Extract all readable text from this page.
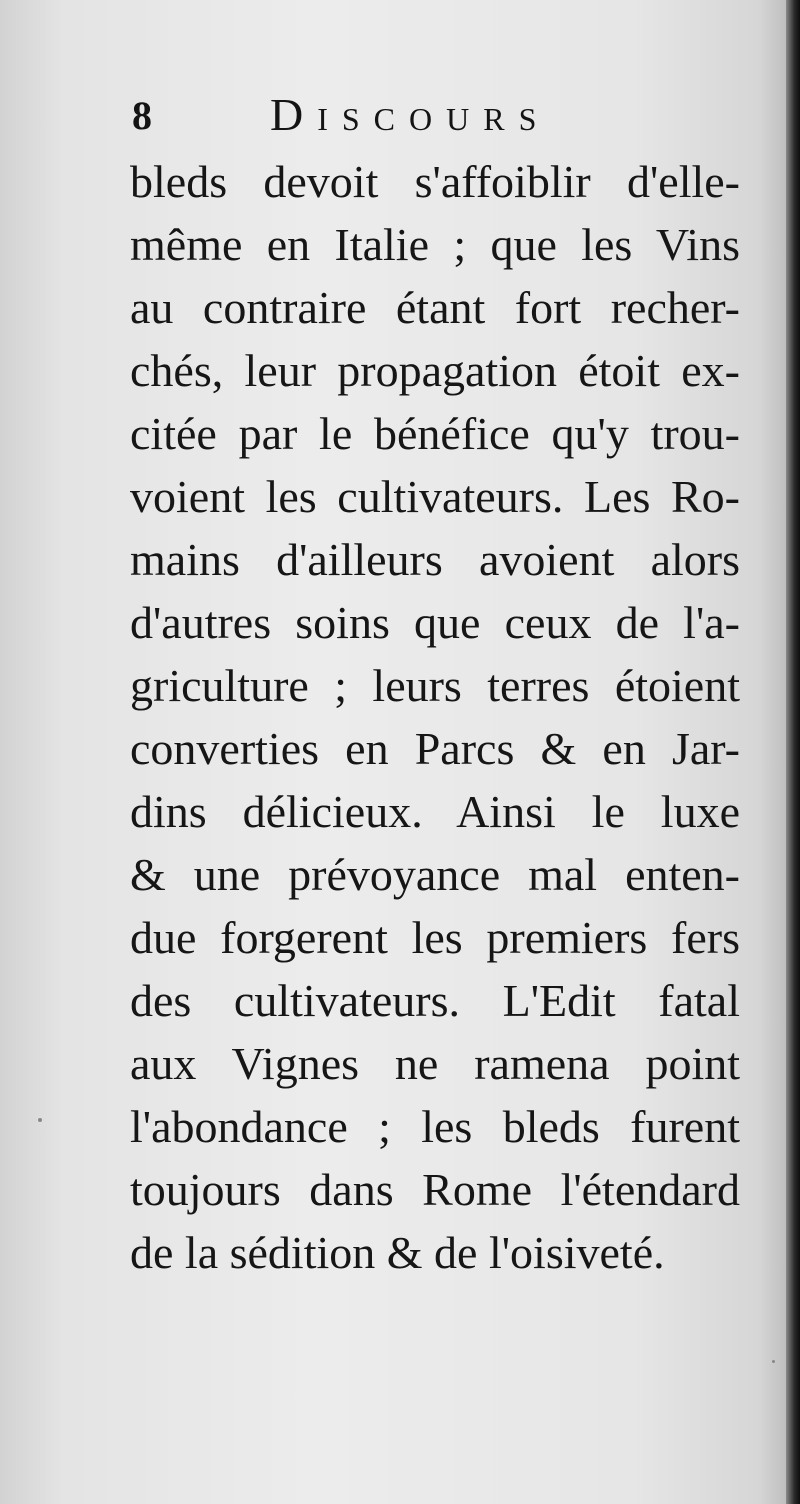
8	Discours
bleds devoit s'affoiblir d'elle-
même en Italie ; que les Vins
au contraire étant fort recher-
chés, leur propagation étoit ex-
citée par le bénéfice qu'y trou-
voient les cultivateurs. Les Ro-
mains d'ailleurs avoient alors
d'autres soins que ceux de l'a-
griculture ; leurs terres étoient
converties en Parcs & en Jar-
dins délicieux. Ainsi le luxe
& une prévoyance mal enten-
due forgerent les premiers fers
des cultivateurs. L'Edit fatal
aux Vignes ne ramena point
l'abondance ; les bleds furent
toujours dans Rome l'étendard
de la sédition & de l'oisiveté.
